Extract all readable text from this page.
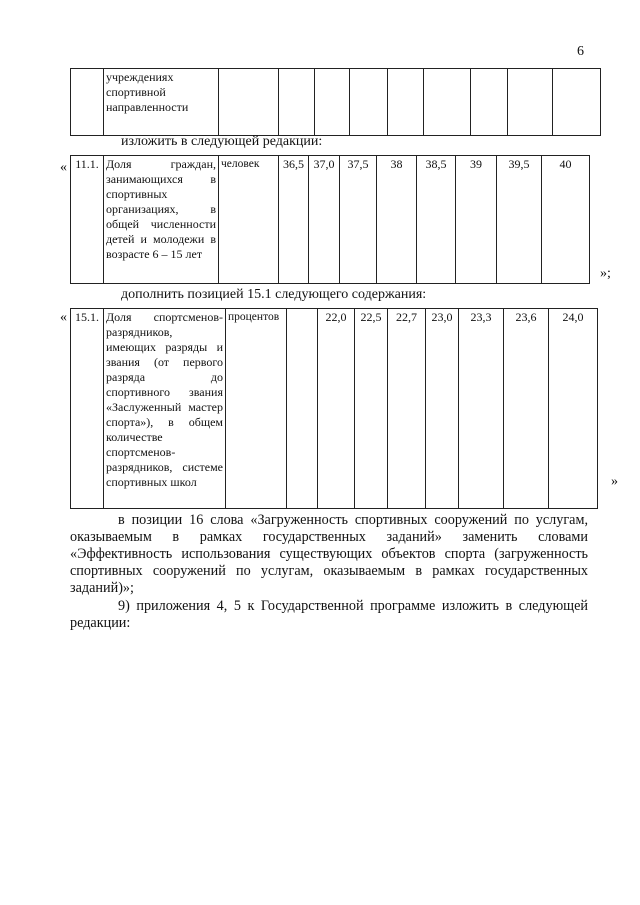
6
	учреждениях спортивной направленности									
изложить в следующей редакции:
« 11.1.	Доля граждан, занимающихся в спортивных организациях, в общей численности детей и молодежи в возрасте 6 – 15 лет	человек	36,5	37,0	37,5	38	38,5	39	39,5	40
»;
дополнить позицией 15.1 следующего содержания:
« 15.1.	Доля спортсменов-разрядников, имеющих разряды и звания (от первого разряда до спортивного звания «Заслуженный мастер спорта»), в общем количестве спортсменов-разрядников, системе спортивных школ	процентов		22,0	22,5	22,7	23,0	23,3	23,6	24,0
»
в позиции 16 слова «Загруженность спортивных сооружений по услугам, оказываемым в рамках государственных заданий» заменить словами «Эффективность использования существующих объектов спорта (загруженность спортивных сооружений по услугам, оказываемым в рамках государственных заданий)»;
9) приложения 4, 5 к Государственной программе изложить в следующей редакции:
